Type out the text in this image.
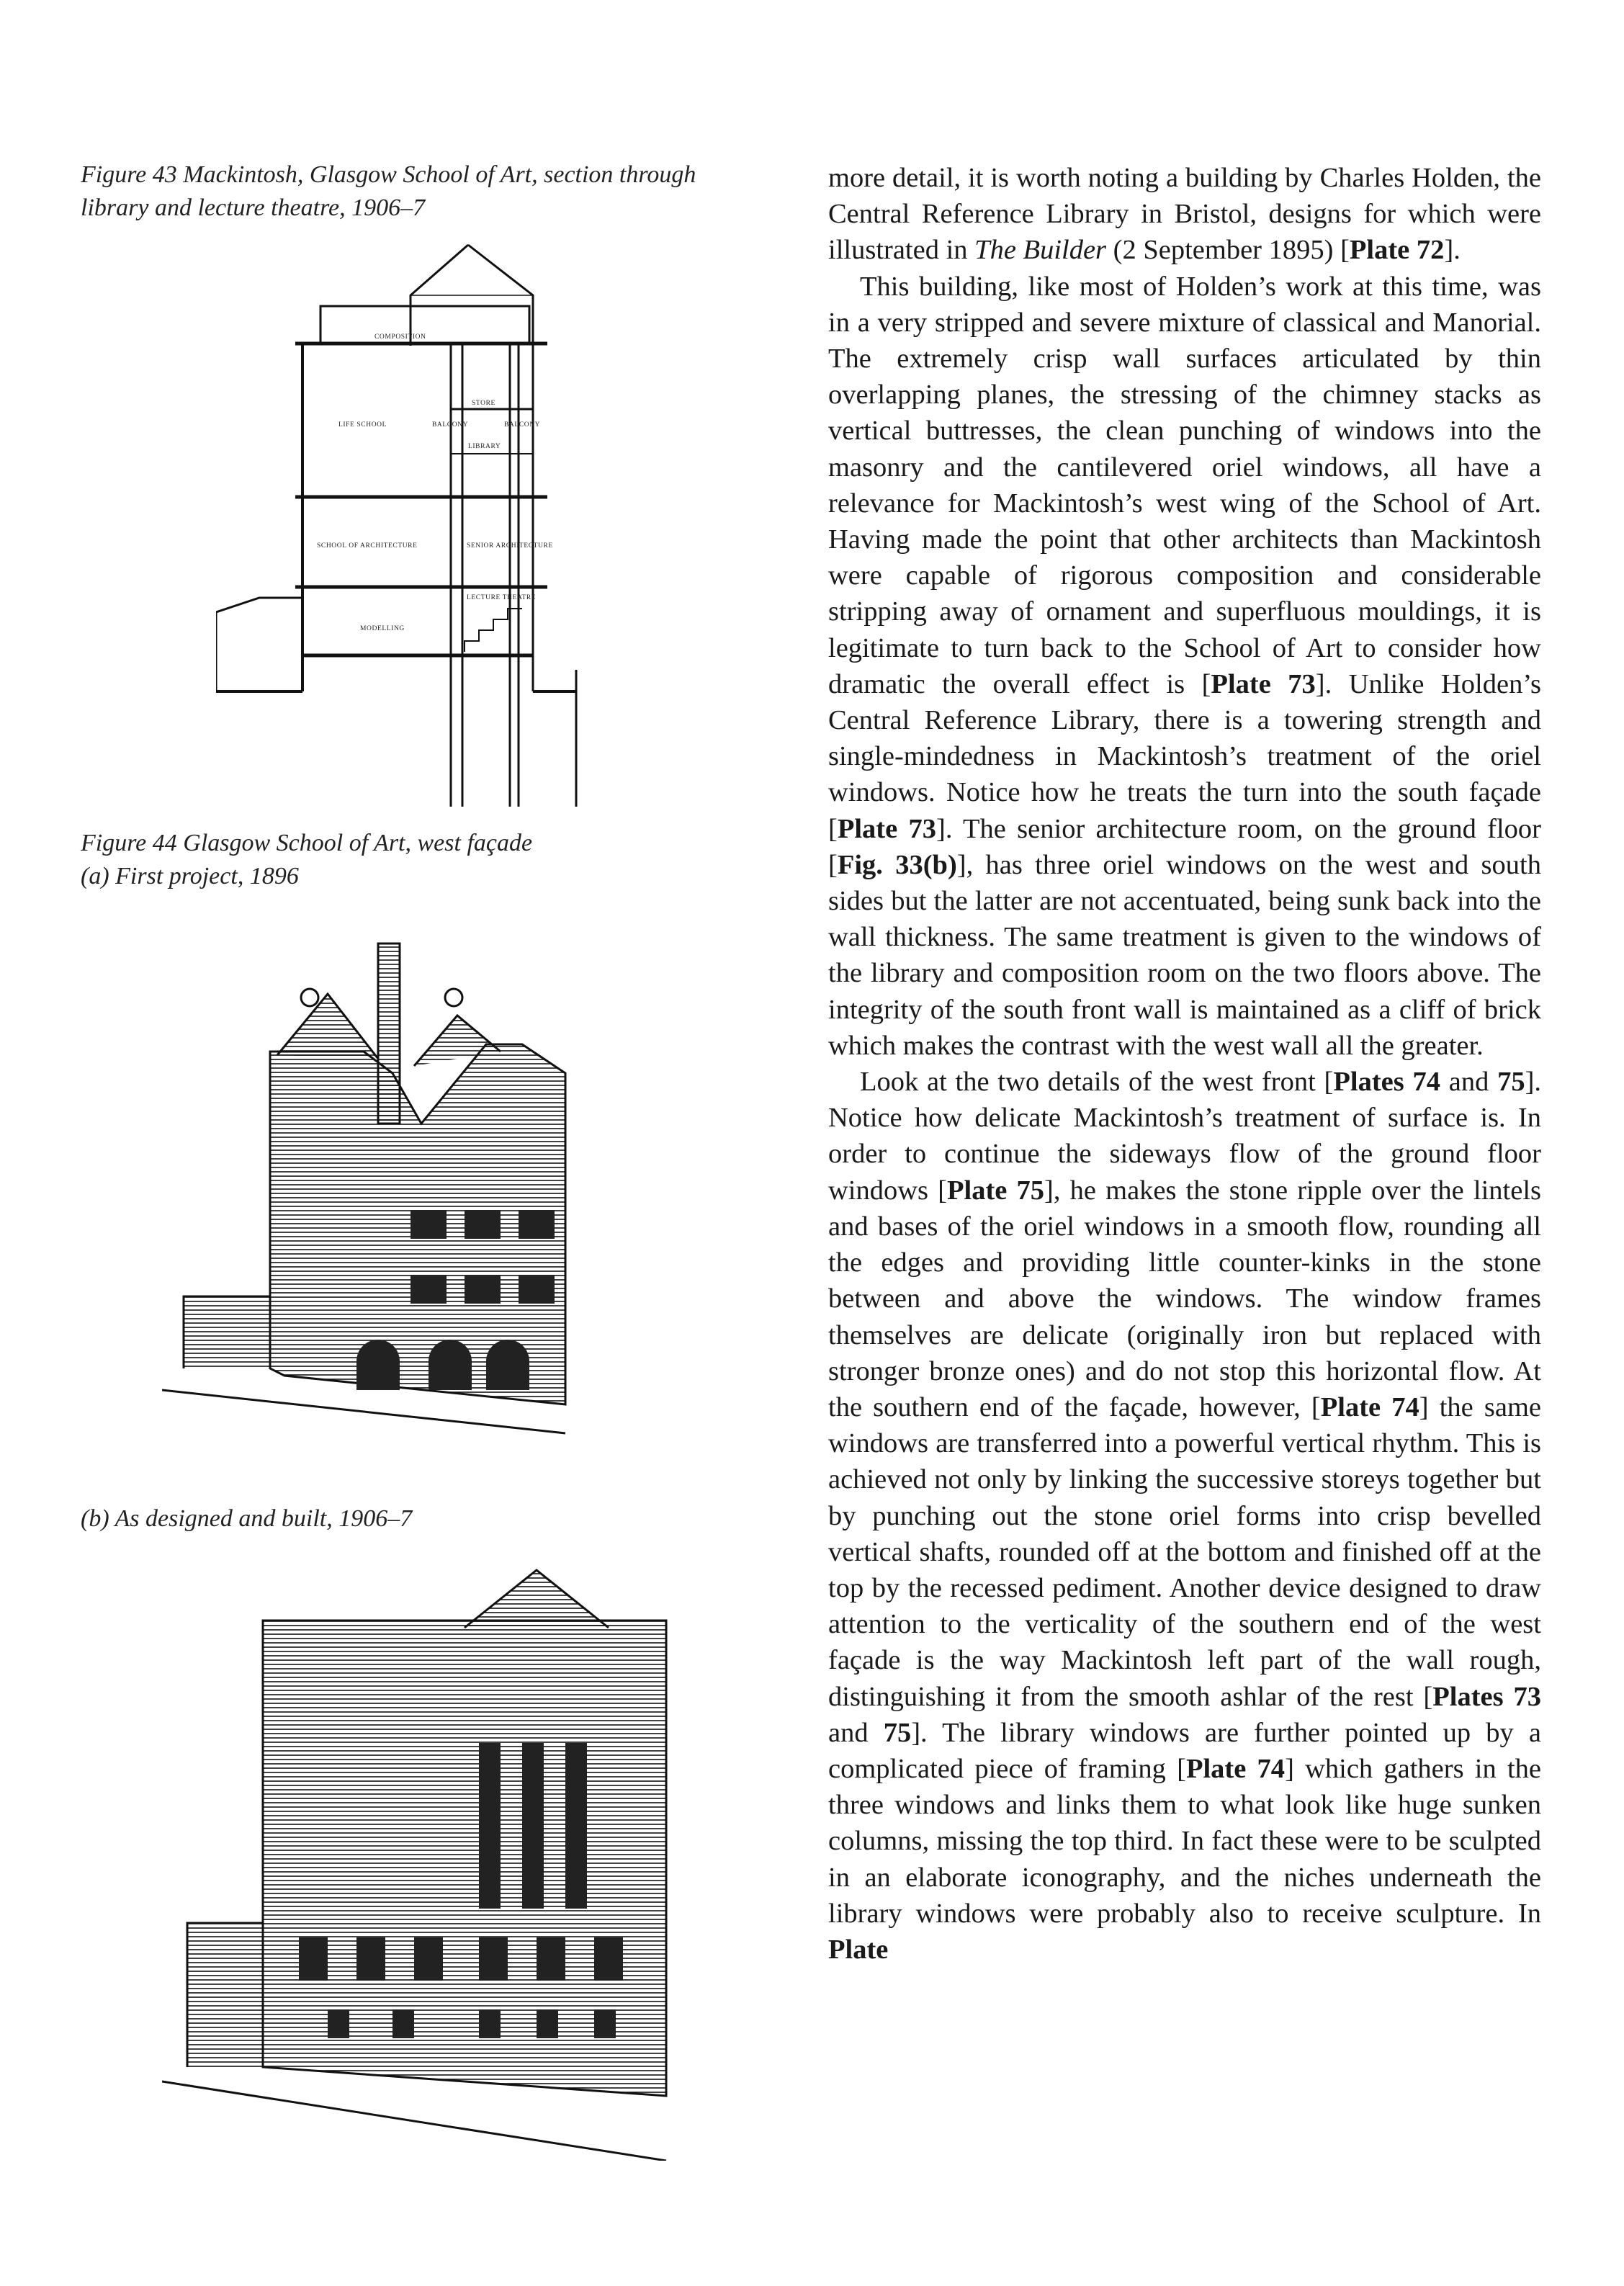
Figure 43 Mackintosh, Glasgow School of Art, section through library and lecture theatre, 1906–7

Figure 44 Glasgow School of Art, west façade
(a) First project, 1896

(b) As designed and built, 1906–7

COMPOSITION
STORE
LIFE SCHOOL	BALCONY	BALCONY
LIBRARY
SCHOOL OF ARCHITECTURE	SENIOR ARCHITECTURE
LECTURE THEATRE
MODELLING

more detail, it is worth noting a building by Charles Holden, the Central Reference Library in Bristol, designs for which were illustrated in The Builder (2 September 1895) [Plate 72].

This building, like most of Holden’s work at this time, was in a very stripped and severe mixture of classical and Manorial. The extremely crisp wall surfaces articulated by thin overlapping planes, the stressing of the chimney stacks as vertical buttresses, the clean punching of windows into the masonry and the cantilevered oriel windows, all have a relevance for Mackintosh’s west wing of the School of Art. Having made the point that other architects than Mackintosh were capable of rigorous composition and considerable stripping away of ornament and superfluous mouldings, it is legitimate to turn back to the School of Art to consider how dramatic the overall effect is [Plate 73]. Unlike Holden’s Central Reference Library, there is a towering strength and single-mindedness in Mackintosh’s treatment of the oriel windows. Notice how he treats the turn into the south façade [Plate 73]. The senior architecture room, on the ground floor [Fig. 33(b)], has three oriel windows on the west and south sides but the latter are not accentuated, being sunk back into the wall thickness. The same treatment is given to the windows of the library and composition room on the two floors above. The integrity of the south front wall is maintained as a cliff of brick which makes the contrast with the west wall all the greater.

Look at the two details of the west front [Plates 74 and 75]. Notice how delicate Mackintosh’s treatment of surface is. In order to continue the sideways flow of the ground floor windows [Plate 75], he makes the stone ripple over the lintels and bases of the oriel windows in a smooth flow, rounding all the edges and providing little counter-kinks in the stone between and above the windows. The window frames themselves are delicate (originally iron but replaced with stronger bronze ones) and do not stop this horizontal flow. At the southern end of the façade, however, [Plate 74] the same windows are transferred into a powerful vertical rhythm. This is achieved not only by linking the successive storeys together but by punching out the stone oriel forms into crisp bevelled vertical shafts, rounded off at the bottom and finished off at the top by the recessed pediment. Another device designed to draw attention to the verticality of the southern end of the west façade is the way Mackintosh left part of the wall rough, distinguishing it from the smooth ashlar of the rest [Plates 73 and 75]. The library windows are further pointed up by a complicated piece of framing [Plate 74] which gathers in the three windows and links them to what look like huge sunken columns, missing the top third. In fact these were to be sculpted in an elaborate iconography, and the niches underneath the library windows were probably also to receive sculpture. In Plate
